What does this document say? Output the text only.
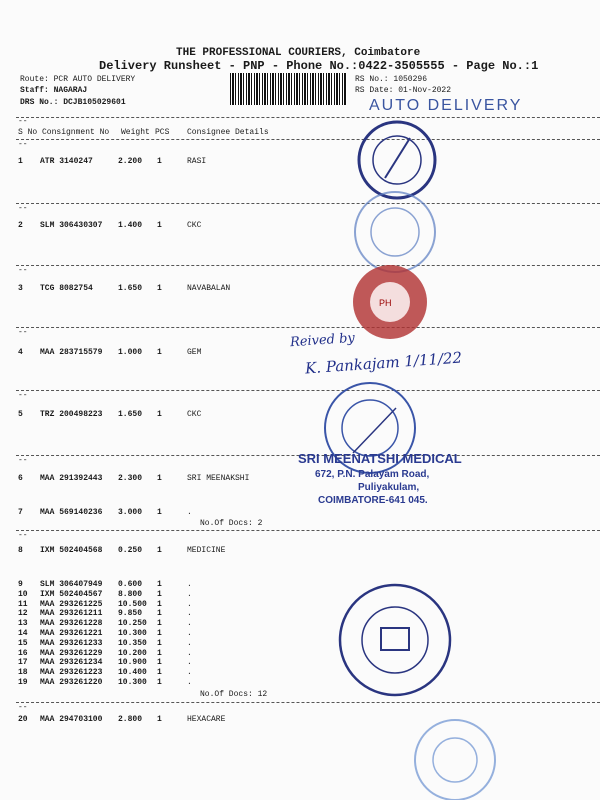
THE PROFESSIONAL COURIERS, Coimbatore
Delivery Runsheet - PNP - Phone No.:0422-3505555 - Page No.:1
Route: PCR AUTO DELIVERY
Staff: NAGARAJ
DRS No.: DCJB105029601
RS No.: 1050296
RS Date: 01-Nov-2022
AUTO DELIVERY
--
S No Consignment No Weight PCS Consignee Details
--
--
--
--
--
--
--
--
1 ATR 3140247	2.200 1	RASI
2 SLM 306430307 1.400 1	CKC
3 TCG 8082754	1.650 1	NAVABALAN
4 MAA 283715579 1.000 1	GEM
5 TRZ 200498223 1.650 1	CKC
6 MAA 291392443 2.300 1	SRI MEENAKSHI
7 MAA 569140236 3.000 1	.
8 IXM 502404568 0.250 1	MEDICINE
9 SLM 306407949 0.600 1	.
10 IXM 502404567 8.800 1	.
11 MAA 293261225 10.500 1	.
12 MAA 293261211 9.850 1	.
13 MAA 293261228 10.250 1	.
14 MAA 293261221 10.300 1	.
15 MAA 293261233 10.350 1	.
16 MAA 293261229 10.200 1	.
17 MAA 293261234 10.900 1	.
18 MAA 293261223 10.400 1	.
19 MAA 293261220 10.300 1	.
20 MAA 294703100 2.800 1	HEXACARE
No.Of Docs: 2
No.Of Docs: 12
PH
Reived by
K. Pankajam 1/11/22
SRI MEENATSHI MEDICAL
672, P.N. Palayam Road,
Puliyakulam,
COIMBATORE-641 045.
